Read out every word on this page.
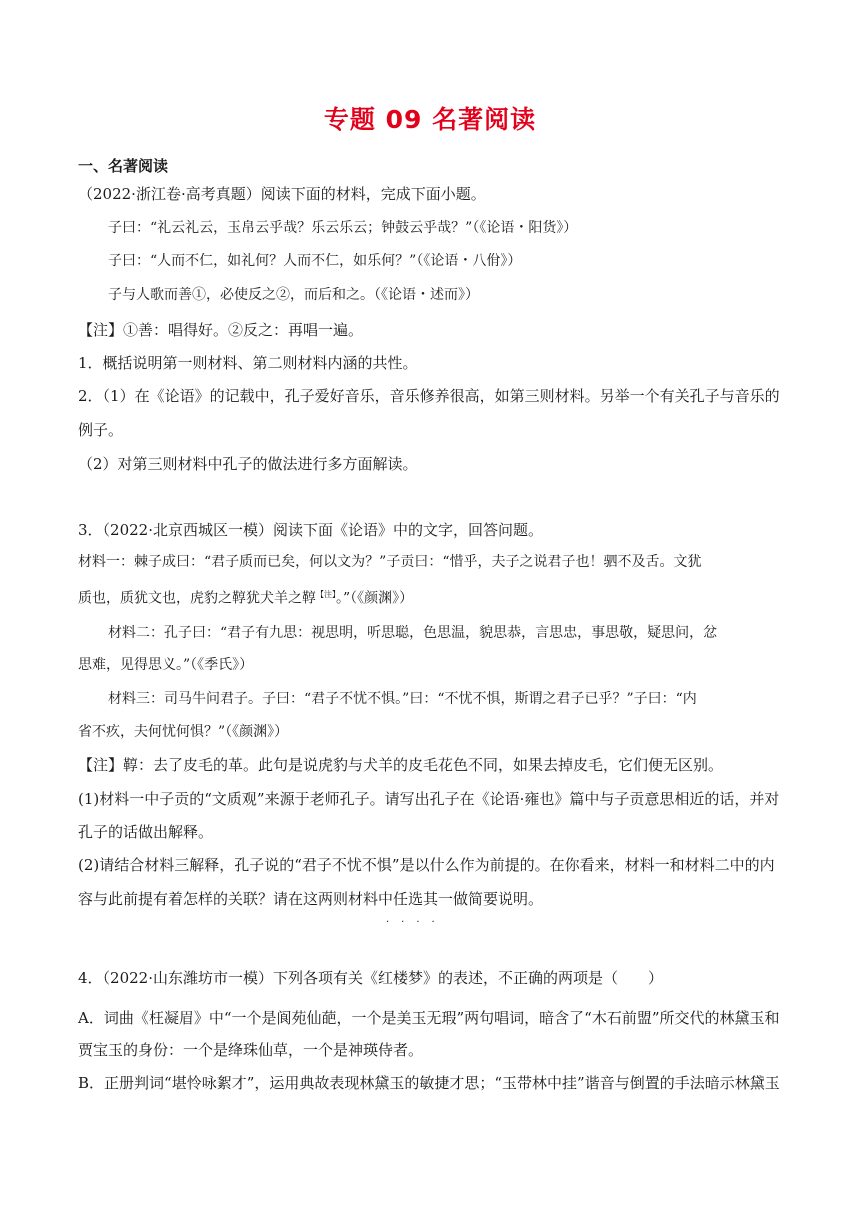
专题 09 名著阅读
一、名著阅读
（2022·浙江卷·高考真题）阅读下面的材料，完成下面小题。
子曰：“礼云礼云，玉帛云乎哉？乐云乐云；钟鼓云乎哉？”（《论语・阳货》）
子曰：“人而不仁，如礼何？人而不仁，如乐何？”（《论语・八佾》）
子与人歌而善①，必使反之②，而后和之。（《论语・述而》）
【注】①善：唱得好。②反之：再唱一遍。
1．概括说明第一则材料、第二则材料内涵的共性。
2．（1）在《论语》的记载中，孔子爱好音乐，音乐修养很高，如第三则材料。另举一个有关孔子与音乐的
例子。
（2）对第三则材料中孔子的做法进行多方面解读。
3．（2022·北京西城区一模）阅读下面《论语》中的文字，回答问题。
材料一：棘子成曰：“君子质而已矣，何以文为？”子贡曰：“惜乎，夫子之说君子也！驷不及舌。文犹
质也，质犹文也，虎豹之鞟犹犬羊之鞟$^{【注】}$。”（《颜渊》）
材料二：孔子曰：“君子有九思：视思明，听思聪，色思温，貌思恭，言思忠，事思敬，疑思问，忿
思难，见得思义。”（《季氏》）
材料三：司马牛问君子。子曰：“君子不忧不惧。”曰：“不忧不惧，斯谓之君子已乎？”子曰：“内
省不疚，夫何忧何惧？”（《颜渊》）
【注】鞟：去了皮毛的革。此句是说虎豹与犬羊的皮毛花色不同，如果去掉皮毛，它们便无区别。
(1)材料一中子贡的“文质观”来源于老师孔子。请写出孔子在《论语·雍也》篇中与子贡意思相近的话，并对
孔子的话做出解释。
(2)请结合材料三解释，孔子说的“君子不忧不惧”是以什么作为前提的。在你看来，材料一和材料二中的内
容与此前提有着怎样的关联？请在这两则材料中任选其一做简要说明。
····
4．（2022·山东潍坊市一模）下列各项有关《红楼梦》的表述，不正确的两项是（　　）
A．词曲《枉凝眉》中“一个是阆苑仙葩，一个是美玉无瑕”两句唱词，暗含了“木石前盟”所交代的林黛玉和
贾宝玉的身份：一个是绛珠仙草，一个是神瑛侍者。
B．正册判词“堪怜咏絮才”，运用典故表现林黛玉的敏捷才思；“玉带林中挂”谐音与倒置的手法暗示林黛玉
